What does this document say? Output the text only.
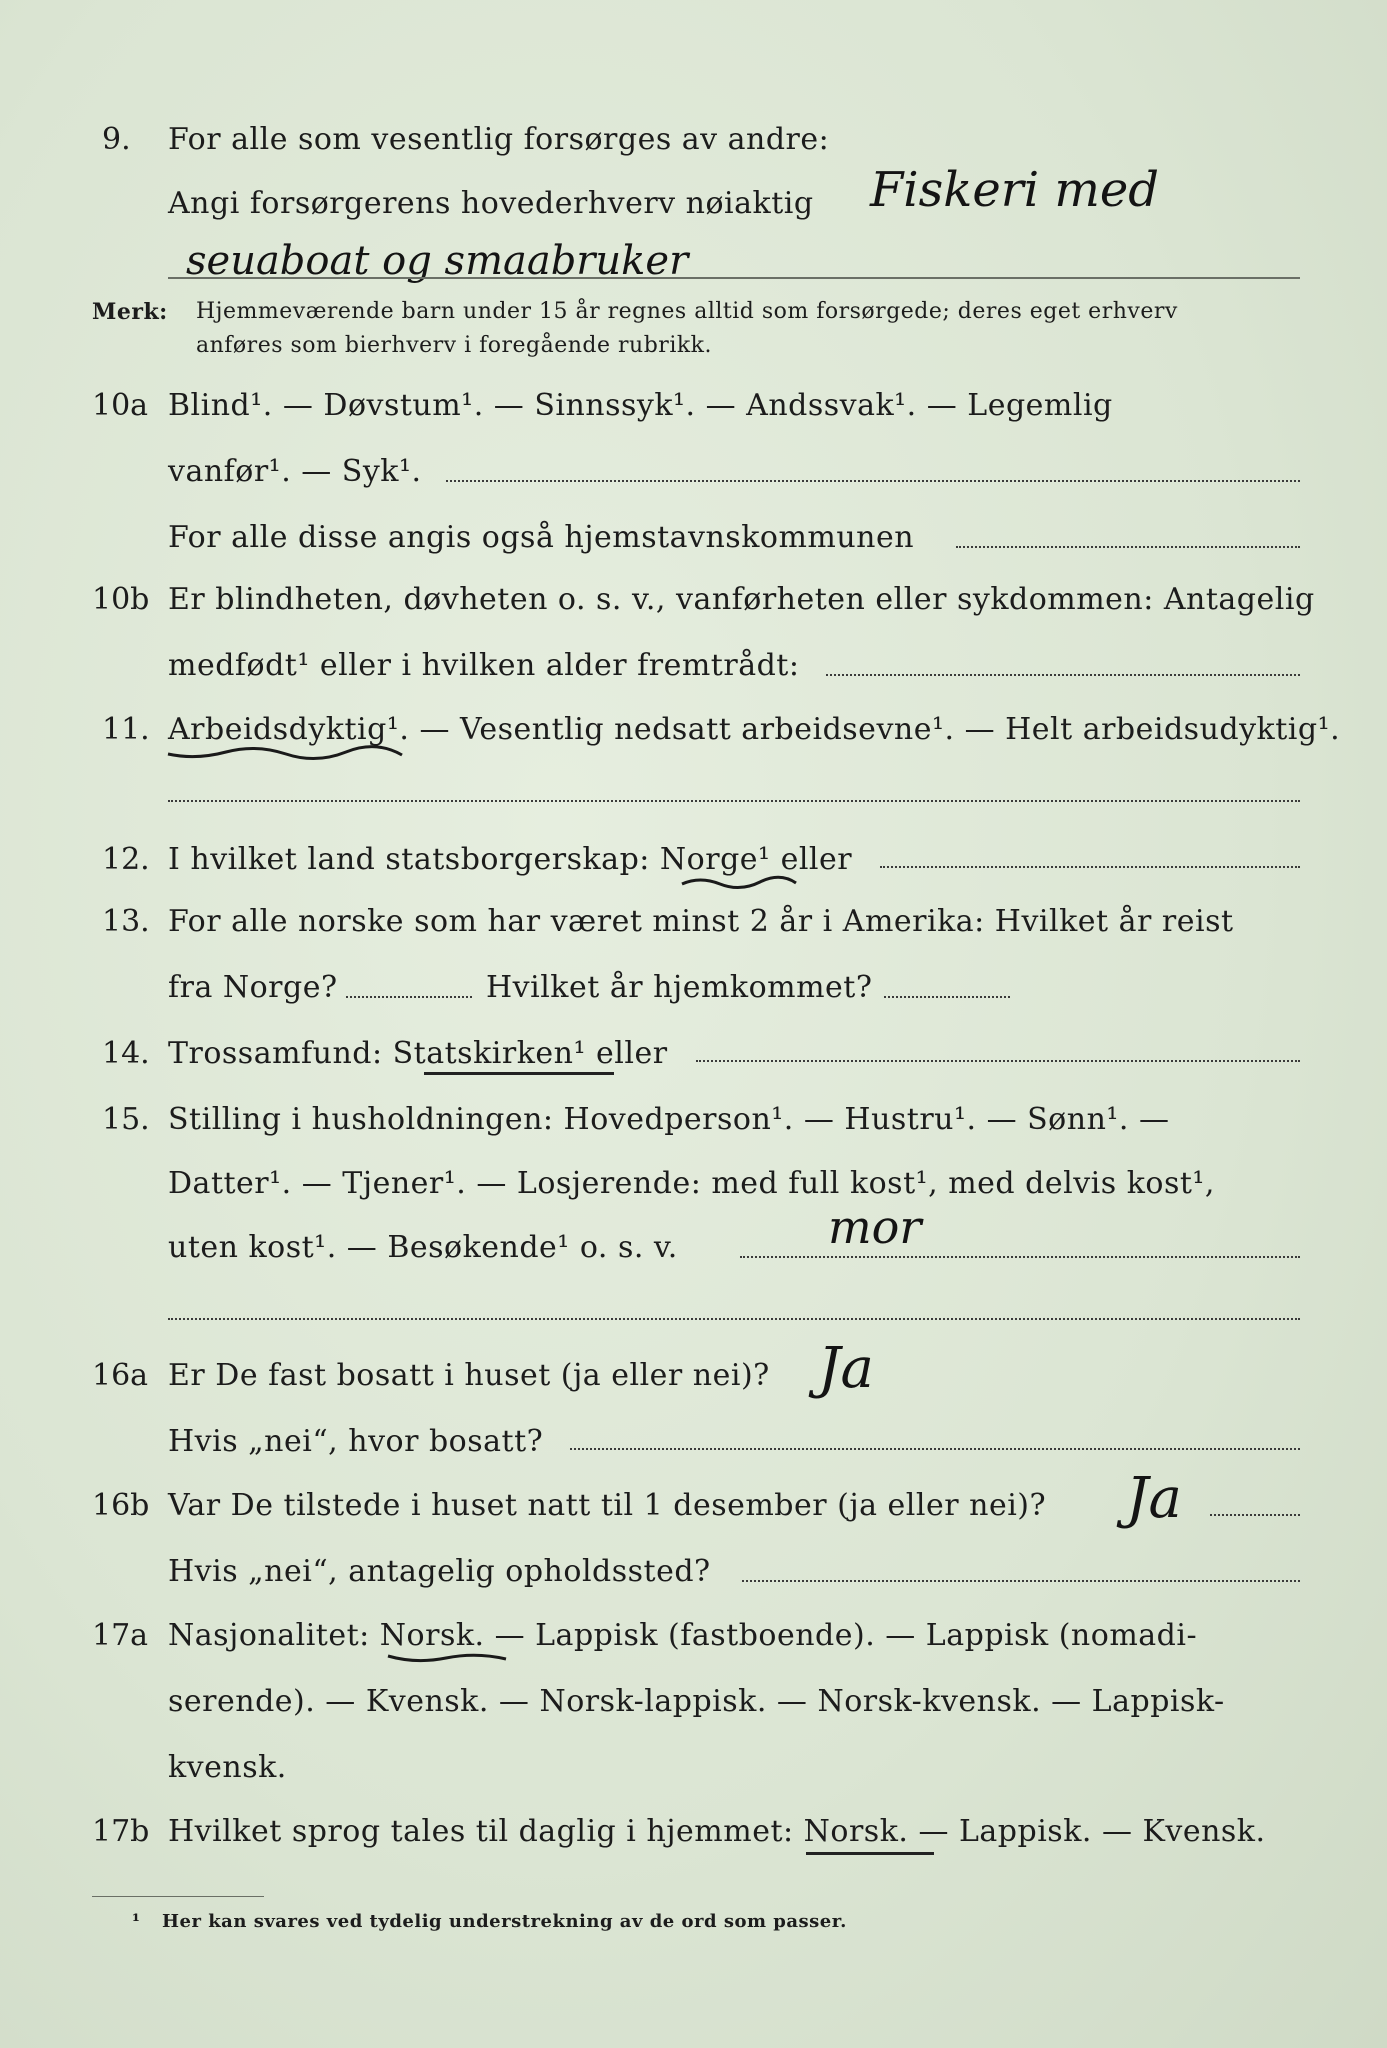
9. For alle som vesentlig forsørges av andre:
Angi forsørgerens hovederhverv nøiaktig Fiskeri med
seuaboat og smaabruker
Merk: Hjemmeværende barn under 15 år regnes alltid som forsørgede; deres eget erhverv
anføres som bierhverv i foregående rubrikk.
10a Blind¹. — Døvstum¹. — Sinnssyk¹. — Andssvak¹. — Legemlig
vanfør¹. — Syk¹.
For alle disse angis også hjemstavnskommunen
10b Er blindheten, døvheten o. s. v., vanførheten eller sykdommen: Antagelig
medfødt¹ eller i hvilken alder fremtrådt:
11. Arbeidsdyktig¹. — Vesentlig nedsatt arbeidsevne¹. — Helt arbeidsudyktig¹.
12. I hvilket land statsborgerskap: Norge¹ eller
13. For alle norske som har været minst 2 år i Amerika: Hvilket år reist
fra Norge?	Hvilket år hjemkommet?
14. Trossamfund: Statskirken¹ eller
15. Stilling i husholdningen: Hovedperson¹. — Hustru¹. — Sønn¹. —
Datter¹. — Tjener¹. — Losjerende: med full kost¹, med delvis kost¹,
uten kost¹. — Besøkende¹ o. s. v.	mor
16a Er De fast bosatt i huset (ja eller nei)? Ja
Hvis „nei“, hvor bosatt?
16b Var De tilstede i huset natt til 1 desember (ja eller nei)? Ja
Hvis „nei“, antagelig opholdssted?
17a Nasjonalitet: Norsk. — Lappisk (fastboende). — Lappisk (nomadi-
serende). — Kvensk. — Norsk-lappisk. — Norsk-kvensk. — Lappisk-
kvensk.
17b Hvilket sprog tales til daglig i hjemmet: Norsk. — Lappisk. — Kvensk.
¹ Her kan svares ved tydelig understrekning av de ord som passer.
